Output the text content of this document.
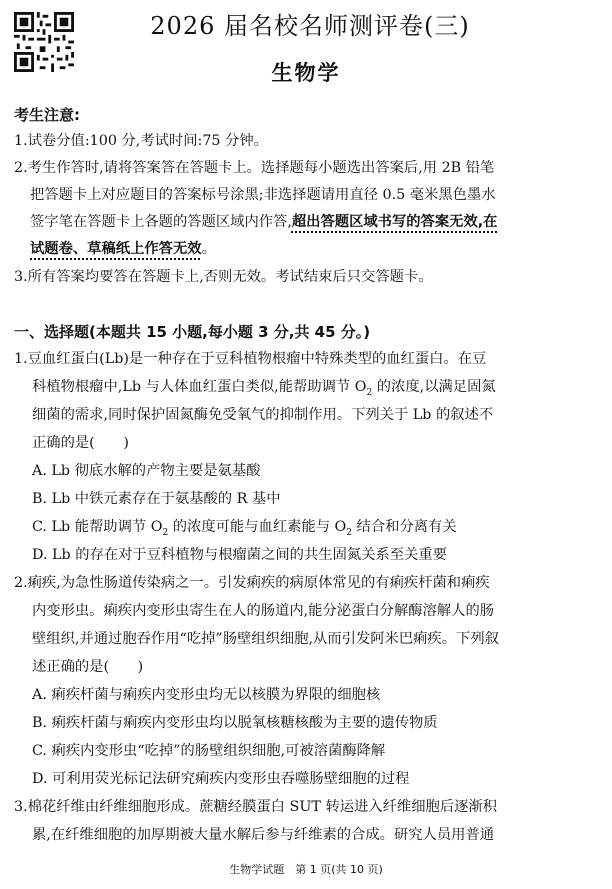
2026 届名校名师测评卷(三)
生物学
考生注意:
1.试卷分值:100 分,考试时间:75 分钟。
2.考生作答时,请将答案答在答题卡上。选择题每小题选出答案后,用 2B 铅笔
把答题卡上对应题目的答案标号涂黑;非选择题请用直径 0.5 毫米黑色墨水
签字笔在答题卡上各题的答题区域内作答,超出答题区域书写的答案无效,在
试题卷、草稿纸上作答无效。
3.所有答案均要答在答题卡上,否则无效。考试结束后只交答题卡。
一、选择题(本题共 15 小题,每小题 3 分,共 45 分。)
1.豆血红蛋白(Lb)是一种存在于豆科植物根瘤中特殊类型的血红蛋白。在豆
科植物根瘤中,Lb 与人体血红蛋白类似,能帮助调节 $O_2$ 的浓度,以满足固氮
细菌的需求,同时保护固氮酶免受氧气的抑制作用。下列关于 Lb 的叙述不
正确的是(　　)
A. Lb 彻底水解的产物主要是氨基酸
B. Lb 中铁元素存在于氨基酸的 R 基中
C. Lb 能帮助调节 $O_2$ 的浓度可能与血红素能与 $O_2$ 结合和分离有关
D. Lb 的存在对于豆科植物与根瘤菌之间的共生固氮关系至关重要
2.痢疾,为急性肠道传染病之一。引发痢疾的病原体常见的有痢疾杆菌和痢疾
内变形虫。痢疾内变形虫寄生在人的肠道内,能分泌蛋白分解酶溶解人的肠
壁组织,并通过胞吞作用“吃掉”肠壁组织细胞,从而引发阿米巴痢疾。下列叙
述正确的是(　　)
A. 痢疾杆菌与痢疾内变形虫均无以核膜为界限的细胞核
B. 痢疾杆菌与痢疾内变形虫均以脱氧核糖核酸为主要的遗传物质
C. 痢疾内变形虫“吃掉”的肠壁组织细胞,可被溶菌酶降解
D. 可利用荧光标记法研究痢疾内变形虫吞噬肠壁细胞的过程
3.棉花纤维由纤维细胞形成。蔗糖经膜蛋白 SUT 转运进入纤维细胞后逐渐积
累,在纤维细胞的加厚期被大量水解后参与纤维素的合成。研究人员用普通
生物学试题　第 1 页(共 10 页)
